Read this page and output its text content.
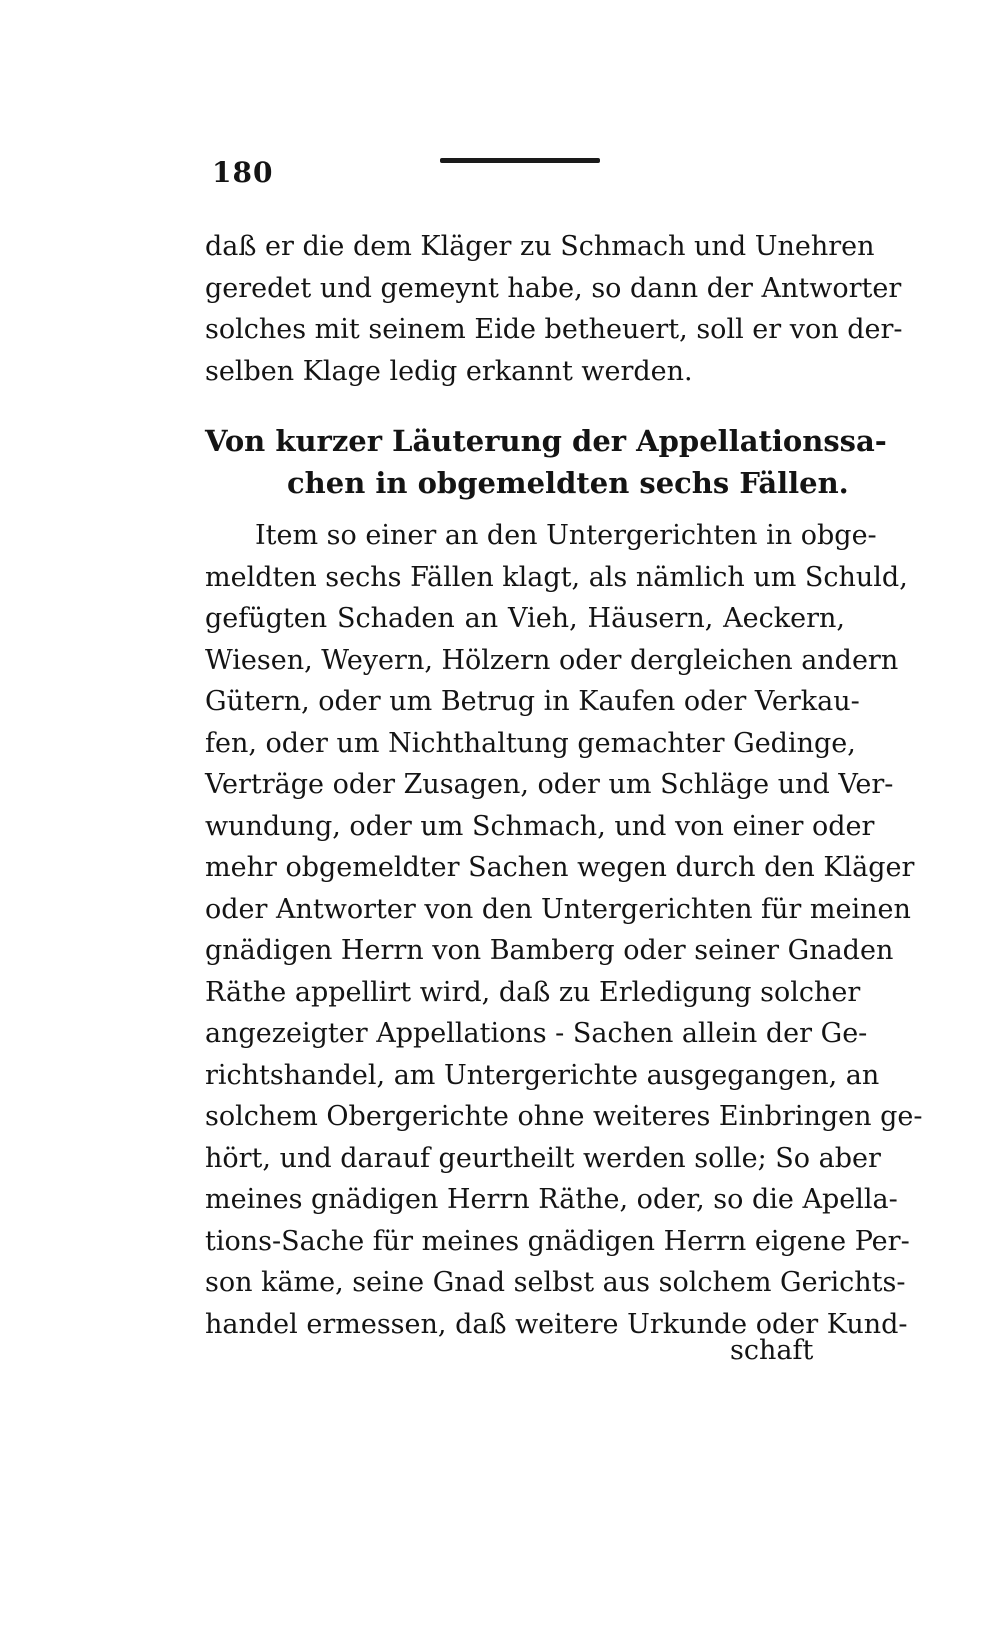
180
daß er die dem Kläger zu Schmach und Unehren
geredet und gemeynt habe, so dann der Antworter
solches mit seinem Eide betheuert, soll er von der-
selben Klage ledig erkannt werden.
Von kurzer Läuterung der Appellationssa-
chen in obgemeldten sechs Fällen.
Item so einer an den Untergerichten in obge-
meldten sechs Fällen klagt, als nämlich um Schuld,
gefügten Schaden an Vieh, Häusern, Aeckern,
Wiesen, Weyern, Hölzern oder dergleichen andern
Gütern, oder um Betrug in Kaufen oder Verkau-
fen, oder um Nichthaltung gemachter Gedinge,
Verträge oder Zusagen, oder um Schläge und Ver-
wundung, oder um Schmach, und von einer oder
mehr obgemeldter Sachen wegen durch den Kläger
oder Antworter von den Untergerichten für meinen
gnädigen Herrn von Bamberg oder seiner Gnaden
Räthe appellirt wird, daß zu Erledigung solcher
angezeigter Appellations - Sachen allein der Ge-
richtshandel, am Untergerichte ausgegangen, an
solchem Obergerichte ohne weiteres Einbringen ge-
hört, und darauf geurtheilt werden solle; So aber
meines gnädigen Herrn Räthe, oder, so die Apella-
tions-Sache für meines gnädigen Herrn eigene Per-
son käme, seine Gnad selbst aus solchem Gerichts-
handel ermessen, daß weitere Urkunde oder Kund-
schaft
